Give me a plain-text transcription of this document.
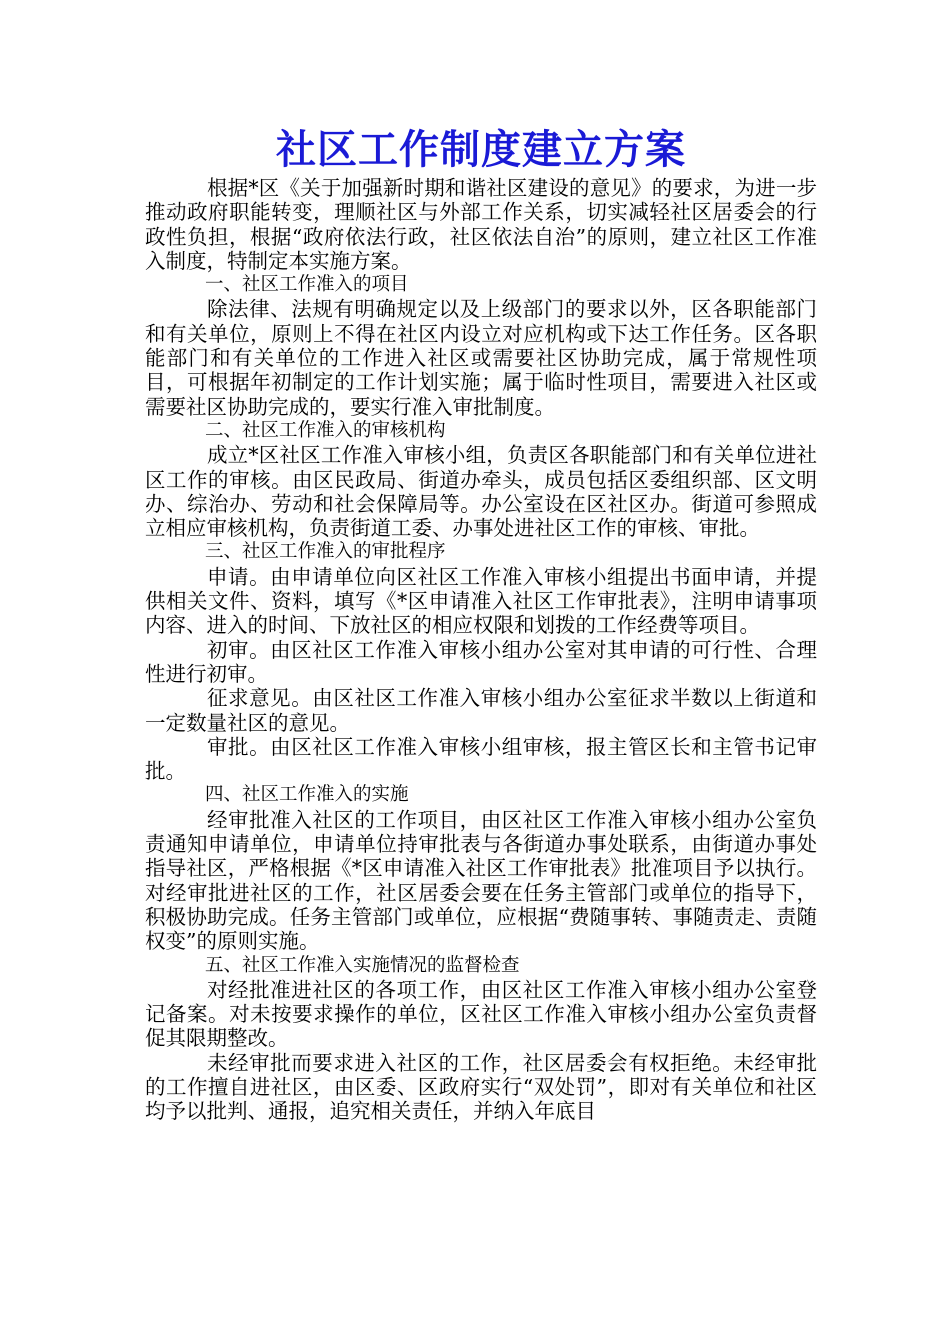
社区工作制度建立方案

根据*区《关于加强新时期和谐社区建设的意见》的要求，为进一步推动政府职能转变，理顺社区与外部工作关系，切实减轻社区居委会的行政性负担，根据“政府依法行政，社区依法自治”的原则，建立社区工作准入制度，特制定本实施方案。

一、社区工作准入的项目

除法律、法规有明确规定以及上级部门的要求以外，区各职能部门和有关单位，原则上不得在社区内设立对应机构或下达工作任务。区各职能部门和有关单位的工作进入社区或需要社区协助完成，属于常规性项目，可根据年初制定的工作计划实施；属于临时性项目，需要进入社区或需要社区协助完成的，要实行准入审批制度。

二、社区工作准入的审核机构

成立*区社区工作准入审核小组，负责区各职能部门和有关单位进社区工作的审核。由区民政局、街道办牵头，成员包括区委组织部、区文明办、综治办、劳动和社会保障局等。办公室设在区社区办。街道可参照成立相应审核机构，负责街道工委、办事处进社区工作的审核、审批。

三、社区工作准入的审批程序

申请。由申请单位向区社区工作准入审核小组提出书面申请，并提供相关文件、资料，填写《*区申请准入社区工作审批表》，注明申请事项内容、进入的时间、下放社区的相应权限和划拨的工作经费等项目。

初审。由区社区工作准入审核小组办公室对其申请的可行性、合理性进行初审。

征求意见。由区社区工作准入审核小组办公室征求半数以上街道和一定数量社区的意见。

审批。由区社区工作准入审核小组审核，报主管区长和主管书记审批。

四、社区工作准入的实施

经审批准入社区的工作项目，由区社区工作准入审核小组办公室负责通知申请单位，申请单位持审批表与各街道办事处联系，由街道办事处指导社区，严格根据《*区申请准入社区工作审批表》批准项目予以执行。对经审批进社区的工作，社区居委会要在任务主管部门或单位的指导下，积极协助完成。任务主管部门或单位，应根据“费随事转、事随责走、责随权变”的原则实施。

五、社区工作准入实施情况的监督检查

对经批准进社区的各项工作，由区社区工作准入审核小组办公室登记备案。对未按要求操作的单位，区社区工作准入审核小组办公室负责督促其限期整改。

未经审批而要求进入社区的工作，社区居委会有权拒绝。未经审批的工作擅自进社区，由区委、区政府实行“双处罚”，即对有关单位和社区均予以批判、通报，追究相关责任，并纳入年底目
